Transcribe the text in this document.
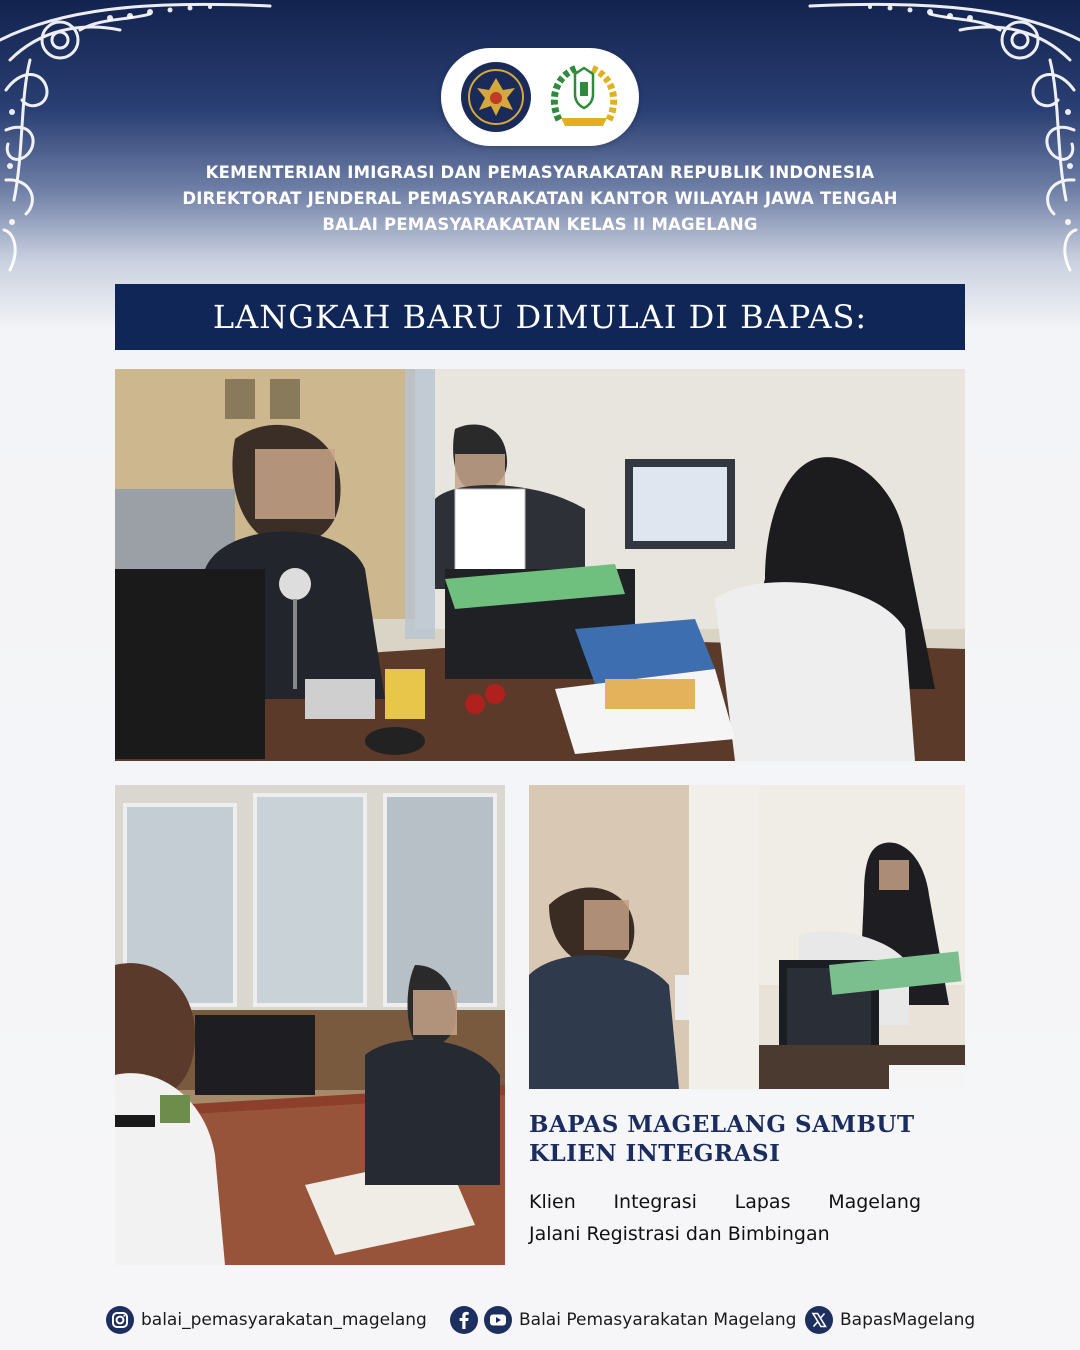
KEMENTERIAN IMIGRASI DAN PEMASYARAKATAN REPUBLIK INDONESIA
DIREKTORAT JENDERAL PEMASYARAKATAN KANTOR WILAYAH JAWA TENGAH
BALAI PEMASYARAKATAN KELAS II MAGELANG
LANGKAH BARU DIMULAI DI BAPAS:
BAPAS MAGELANG SAMBUT
KLIEN INTEGRASI
Klien Integrasi Lapas Magelang
Jalani Registrasi dan Bimbingan
balai_pemasyarakatan_magelang	Balai Pemasyarakatan Magelang	BapasMagelang
